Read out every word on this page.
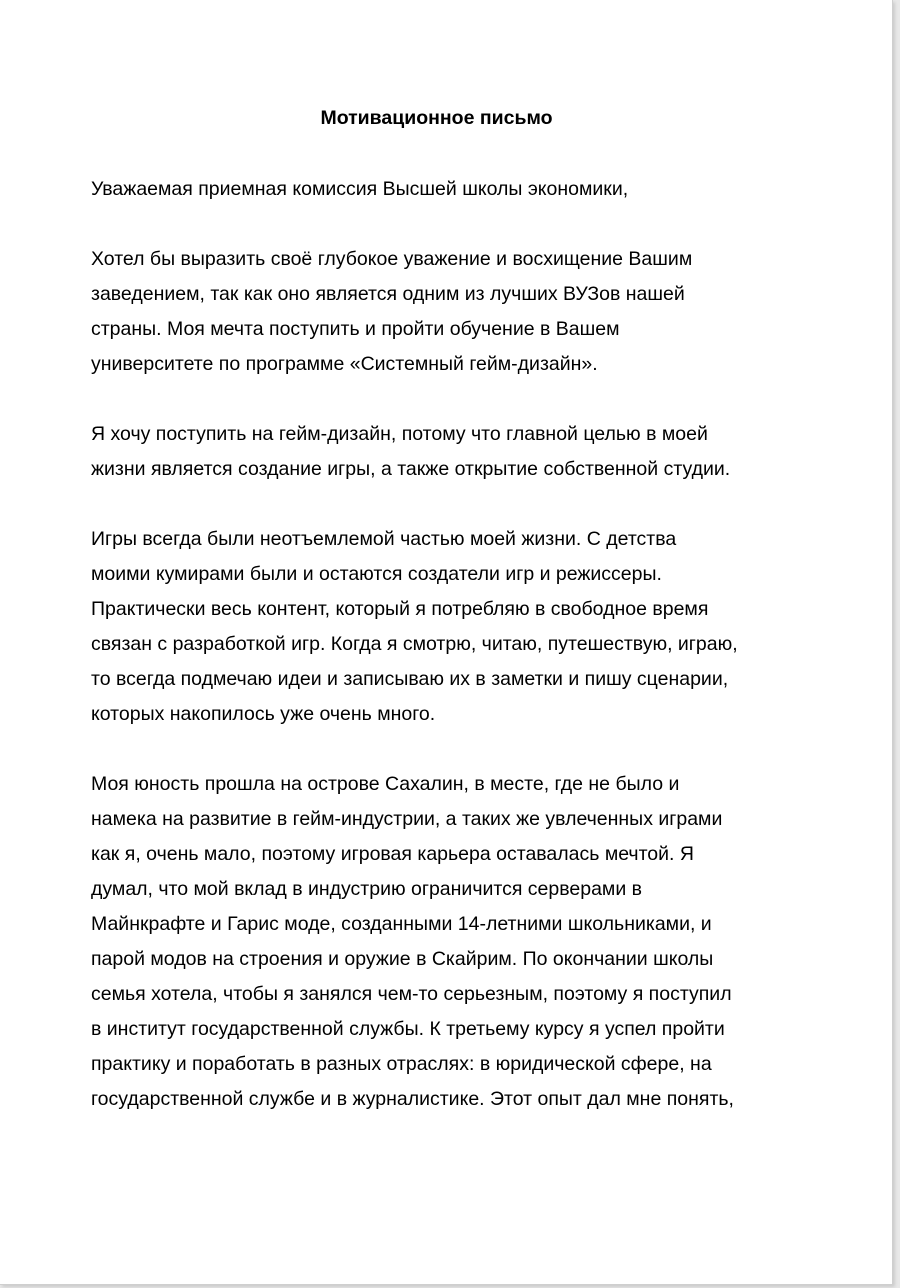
Мотивационное письмо

Уважаемая приемная комиссия Высшей школы экономики,

Хотел бы выразить своё глубокое уважение и восхищение Вашим
заведением, так как оно является одним из лучших ВУЗов нашей
страны. Моя мечта поступить и пройти обучение в Вашем
университете по программе «Системный гейм-дизайн».

Я хочу поступить на гейм-дизайн, потому что главной целью в моей
жизни является создание игры, а также открытие собственной студии.

Игры всегда были неотъемлемой частью моей жизни. С детства
моими кумирами были и остаются создатели игр и режиссеры.
Практически весь контент, который я потребляю в свободное время
связан с разработкой игр. Когда я смотрю, читаю, путешествую, играю,
то всегда подмечаю идеи и записываю их в заметки и пишу сценарии,
которых накопилось уже очень много.

Моя юность прошла на острове Сахалин, в месте, где не было и
намека на развитие в гейм-индустрии, а таких же увлеченных играми
как я, очень мало, поэтому игровая карьера оставалась мечтой. Я
думал, что мой вклад в индустрию ограничится серверами в
Майнкрафте и Гарис моде, созданными 14-летними школьниками, и
парой модов на строения и оружие в Скайрим. По окончании школы
семья хотела, чтобы я занялся чем-то серьезным, поэтому я поступил
в институт государственной службы. К третьему курсу я успел пройти
практику и поработать в разных отраслях: в юридической сфере, на
государственной службе и в журналистике. Этот опыт дал мне понять,
